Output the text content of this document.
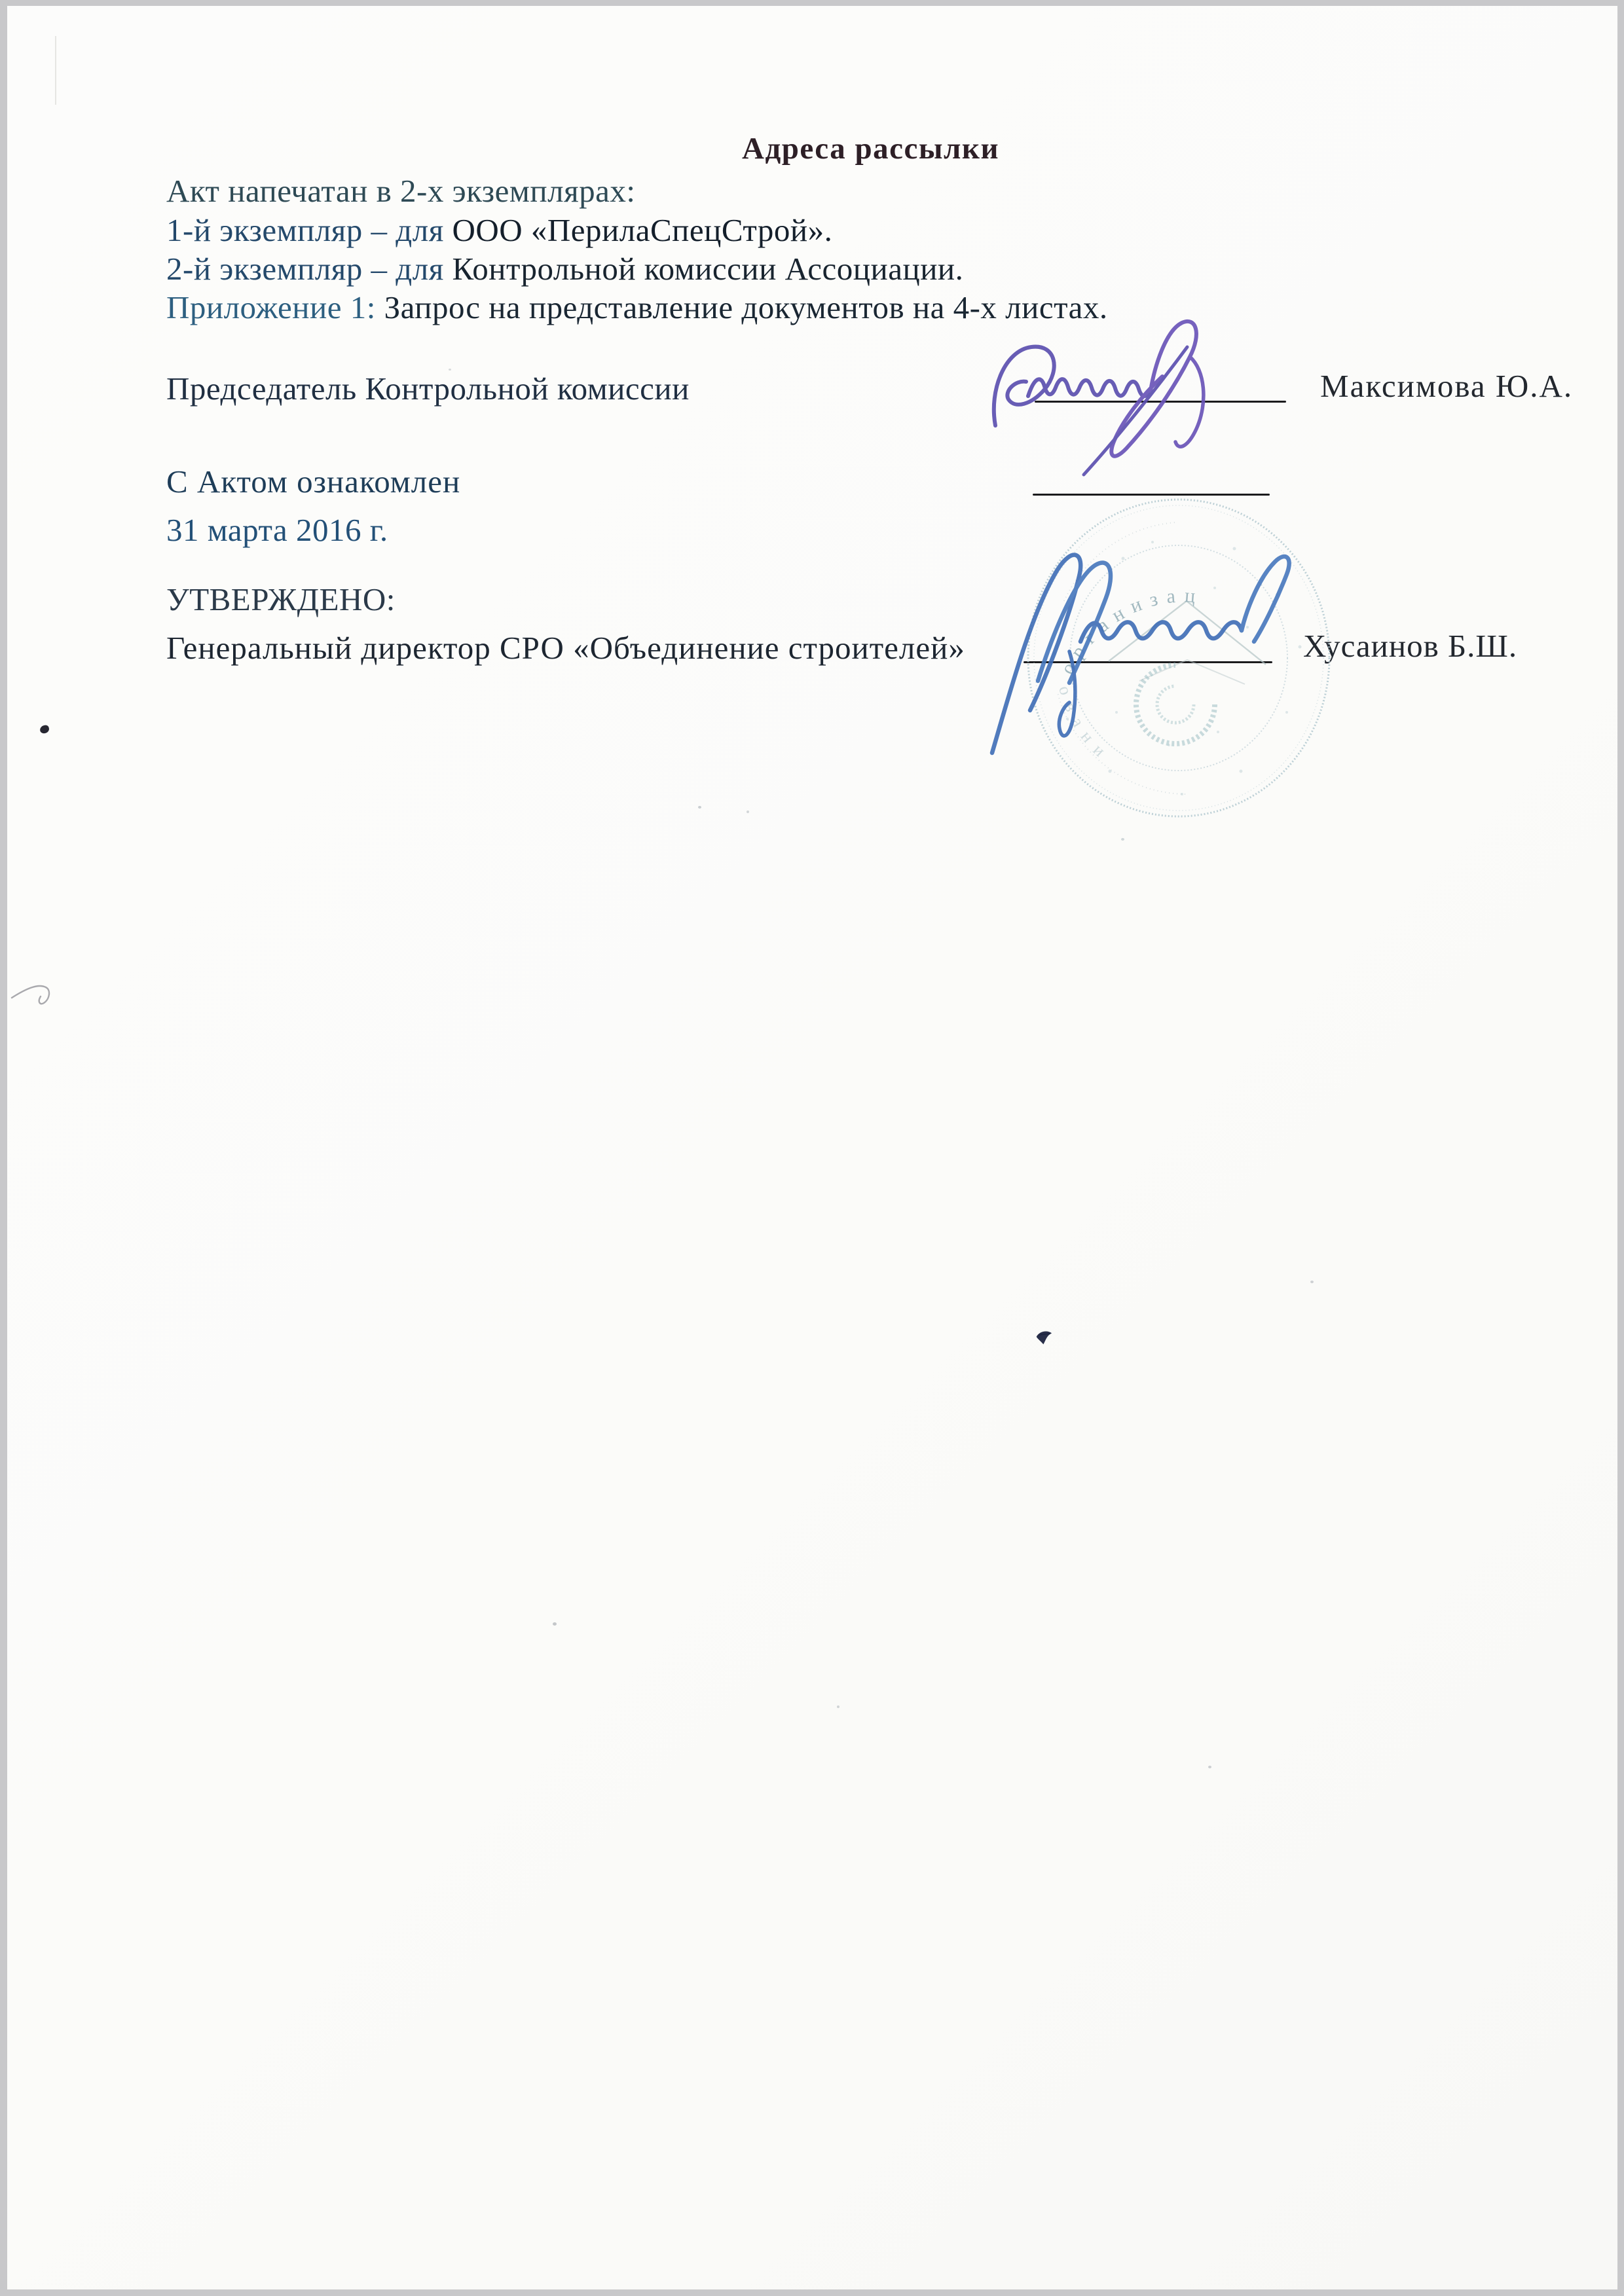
Адреса рассылки
Акт напечатан в 2-х экземплярах:
1-й экземпляр – для ООО «ПерилаСпецСтрой».
2-й экземпляр – для Контрольной комиссии Ассоциации.
Приложение 1: Запрос на представление документов на 4-х листах.
Председатель Контрольной комиссии	Максимова Ю.А.
С Актом ознакомлен
31 марта 2016 г.
УТВЕРЖДЕНО:
Генеральный директор СРО «Объединение строителей»	Хусаинов Б.Ш.
организац
овани
